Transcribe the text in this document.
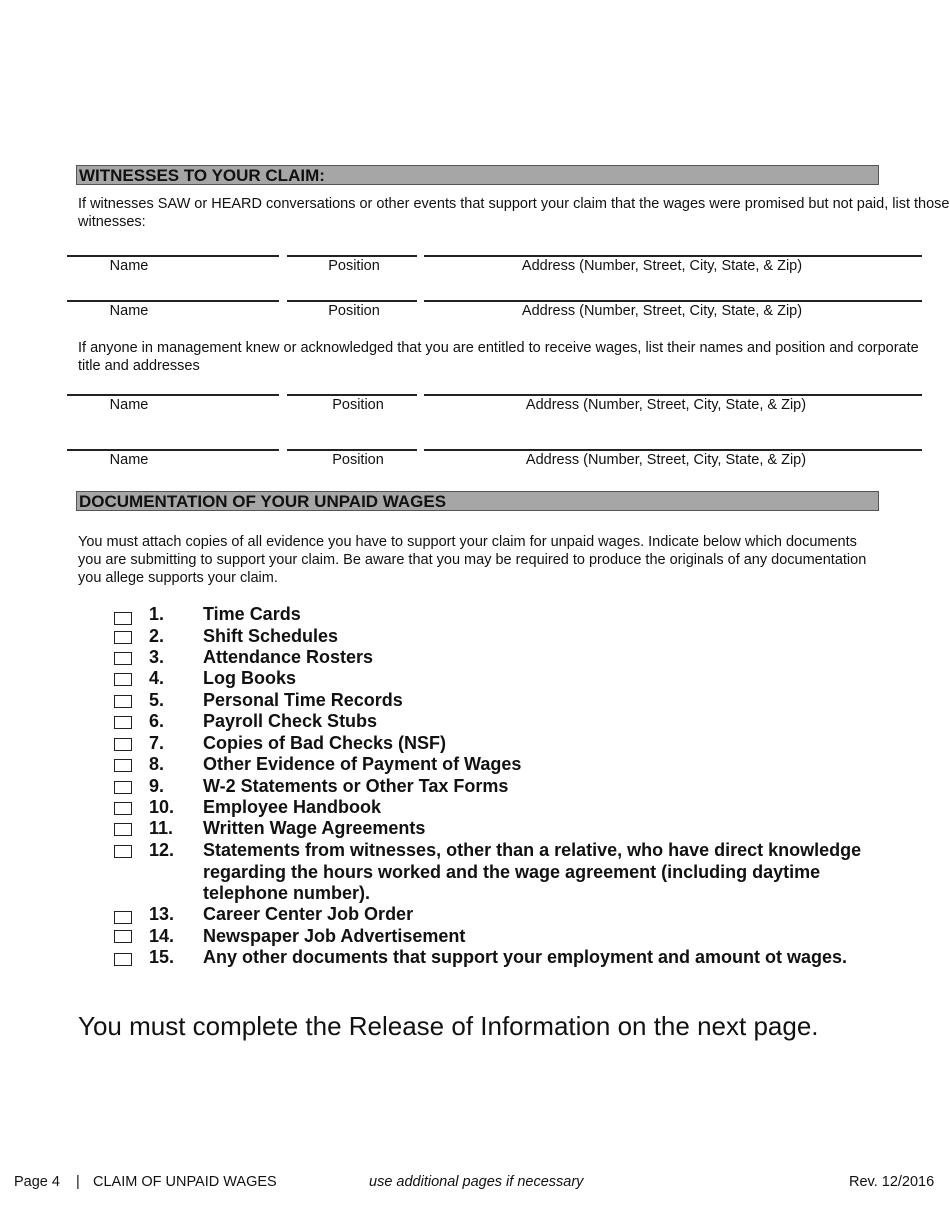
WITNESSES TO YOUR CLAIM:
If witnesses SAW or HEARD conversations or other events that support your claim that the wages were promised but not paid, list those witnesses:
Name	Position	Address (Number, Street, City, State, & Zip)
Name	Position	Address (Number, Street, City, State, & Zip)
If anyone in management knew or acknowledged that you are entitled to receive wages, list their names and position and corporate title and addresses
Name	Position	Address (Number, Street, City, State, & Zip)
Name	Position	Address (Number, Street, City, State, & Zip)
DOCUMENTATION OF YOUR UNPAID WAGES
You must attach copies of all evidence you have to support your claim for unpaid wages. Indicate below which documents you are submitting to support your claim. Be aware that you may be required to produce the originals of any documentation you allege supports your claim.
1. Time Cards
2. Shift Schedules
3. Attendance Rosters
4. Log Books
5. Personal Time Records
6. Payroll Check Stubs
7. Copies of Bad Checks (NSF)
8. Other Evidence of Payment of Wages
9. W-2 Statements or Other Tax Forms
10. Employee Handbook
11. Written Wage Agreements
12. Statements from witnesses, other than a relative, who have direct knowledge regarding the hours worked and the wage agreement (including daytime telephone number).
13. Career Center Job Order
14. Newspaper Job Advertisement
15. Any other documents that support your employment and amount ot wages.
You must complete the Release of Information on the next page.
Page 4 | CLAIM OF UNPAID WAGES	use additional pages if necessary	Rev. 12/2016
